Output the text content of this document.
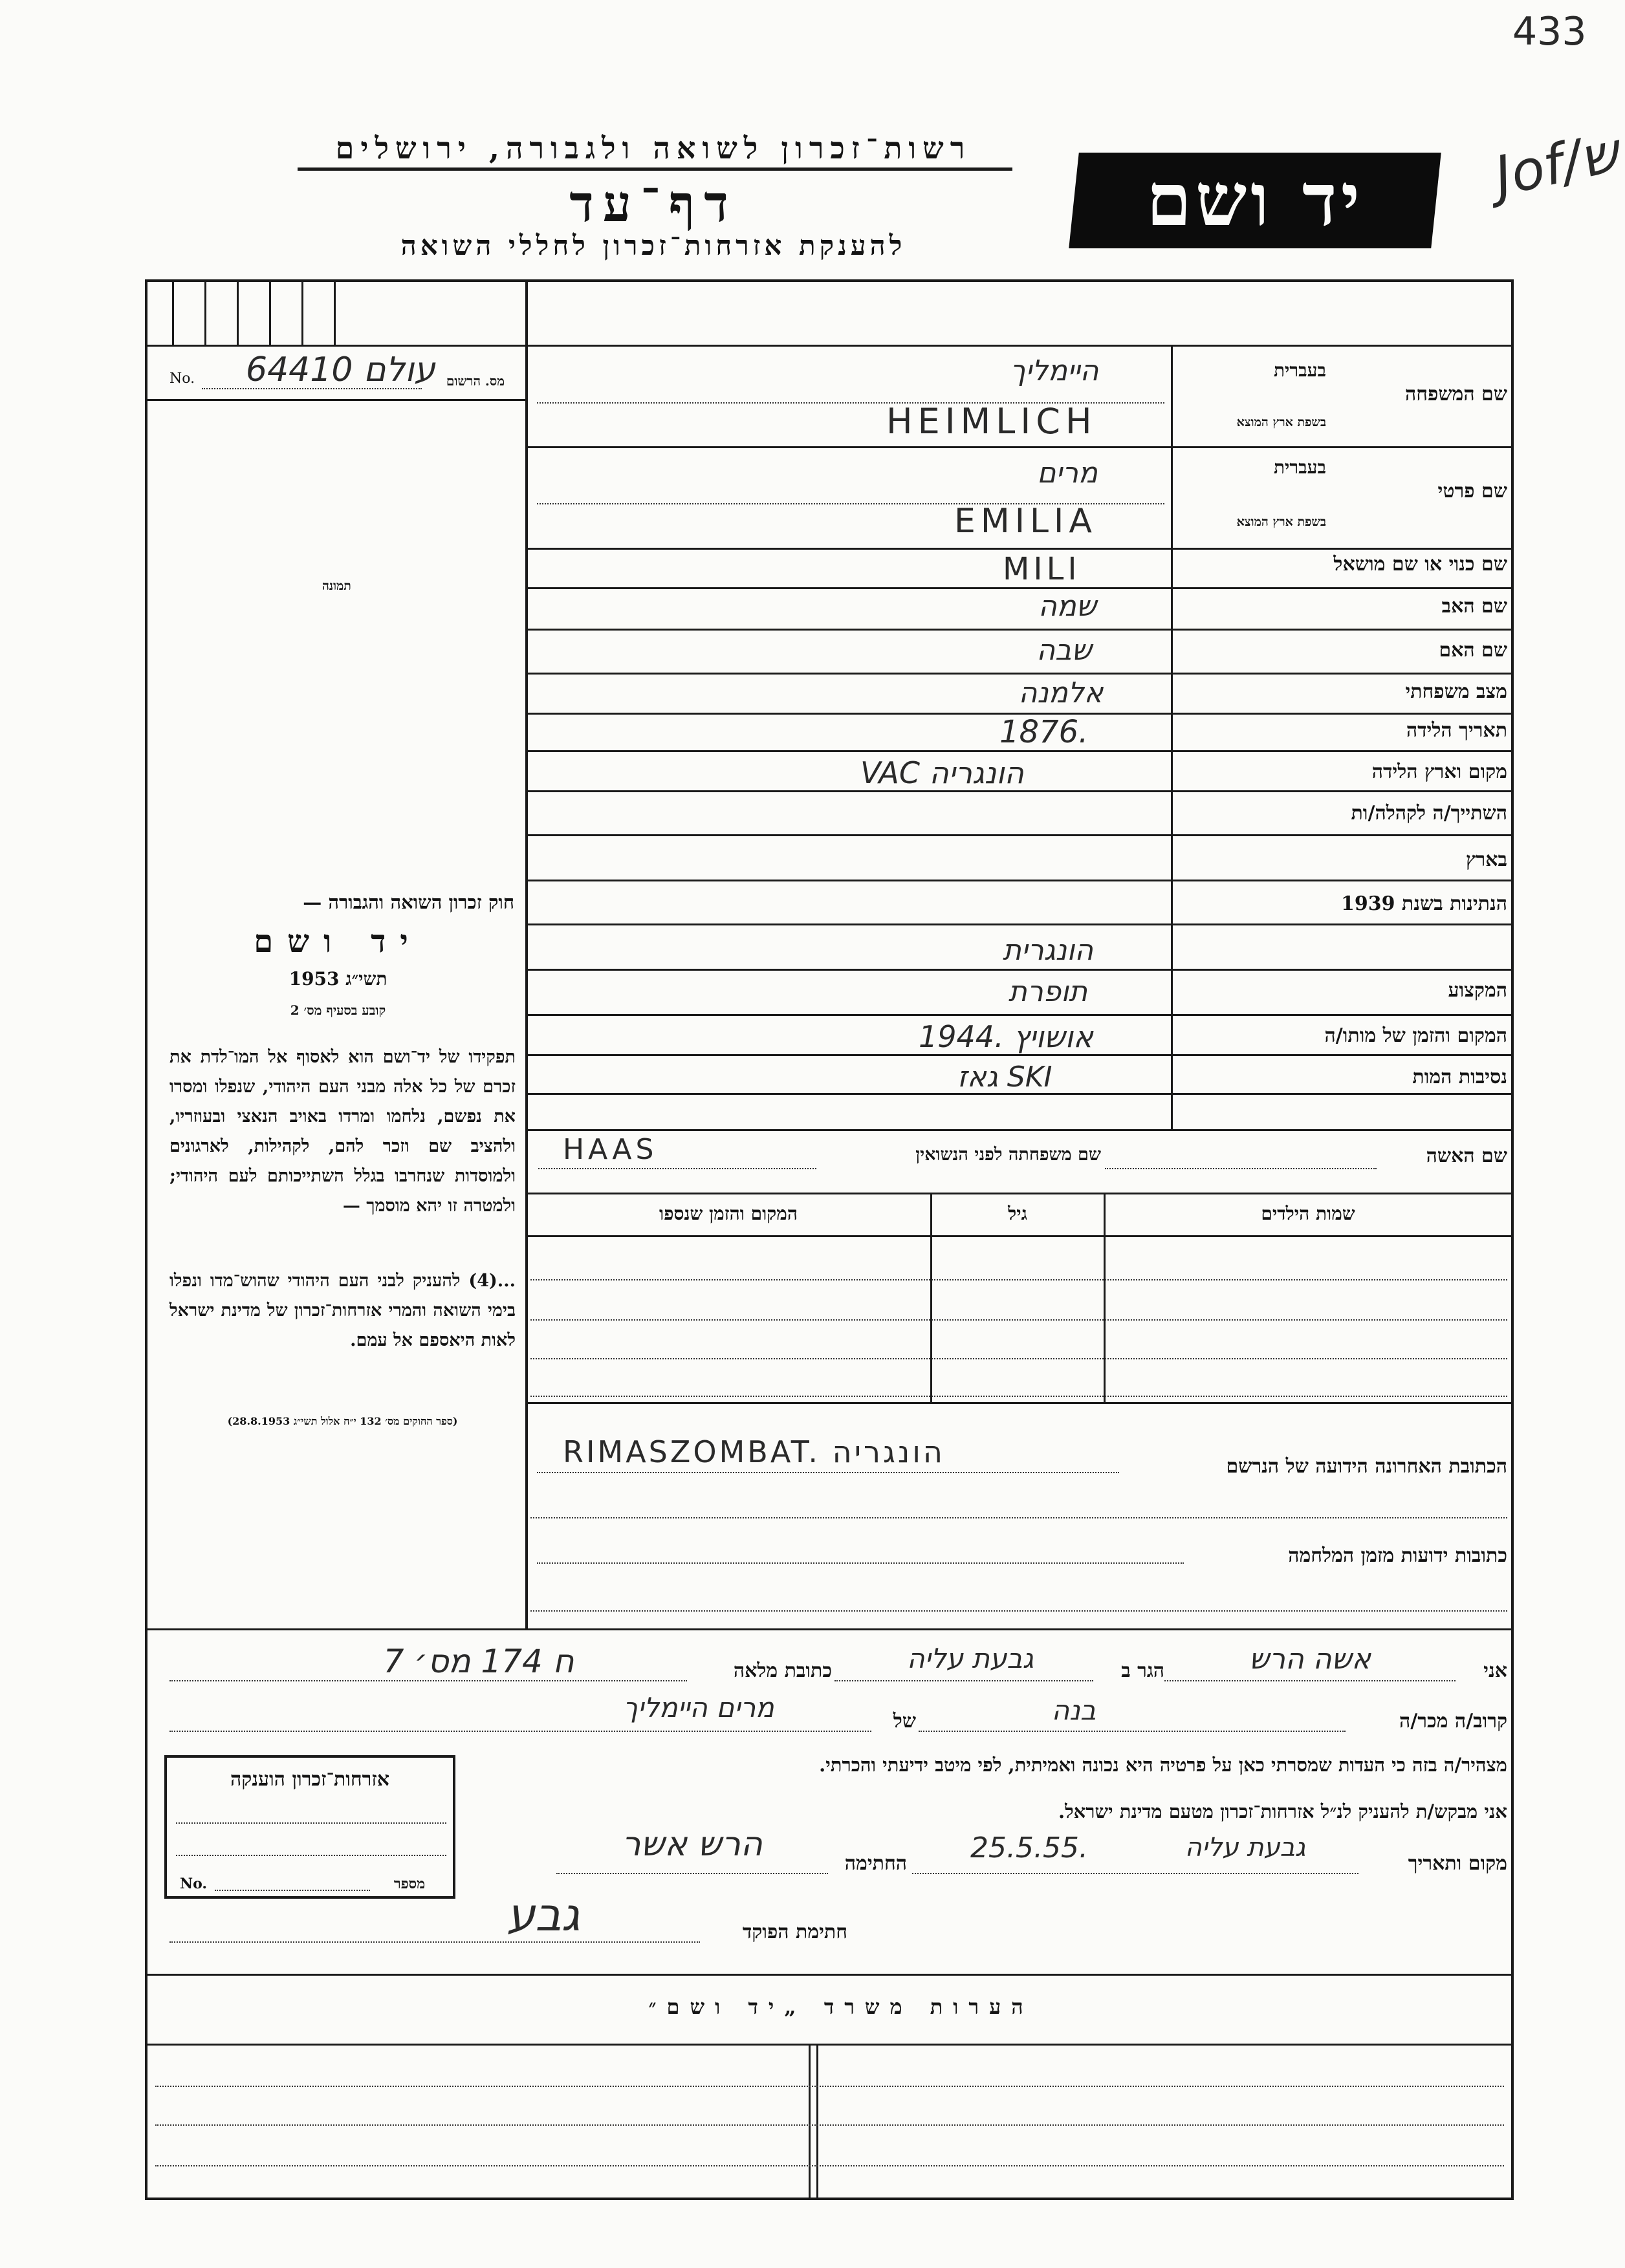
433
Jof/ש
רשות־זכרון לשואה ולגבורה, ירושלים
דף־עד
להענקת אזרחות־זכרון לחללי השואה
יד ושם
No. 64410 עולם מס. הרשום
תמונה
חוק זכרון השואה והגבורה —
יד ושם
תשי״ג 1953
קובע בסעיף מס׳ 2
תפקידו של יד־ושם הוא לאסוף אל המו־לדת את זכרם של כל אלה מבני העם היהודי, שנפלו ומסרו את נפשם, נלחמו ומרדו באויב הנאצי ובעוזריו, ולהציב שם וזכר להם, לקהילות, לארגונים ולמוסדות שנחרבו בגלל השתייכותם לעם היהודי; ולמטרה זו יהא מוסמך —
...(4) להעניק לבני העם היהודי שהוש־מדו ונפלו בימי השואה והמרי אזרחות־זכרון של מדינת ישראל לאות היאספם אל עמם.
(ספר החוקים מס׳ 132 י״ח אלול תשי״ג 28.8.1953)
שם המשפחה
בעברית
בשפת ארץ המוצא
היימליך
HEIMLICH
שם פרטי
בעברית
בשפת ארץ המוצא
מרים
EMILIA
שם כנוי או שם מושאל
MILI
שם האב
שמה
שם האם
שבה
מצב משפחתי
אלמנה
תאריך הלידה
1876.
מקום וארץ הלידה
VAC הונגריה
השתייך/ה לקהלה/ות
בארץ
הנתינות בשנת 1939
הונגרית
המקצוע
תופרת
המקום והזמן של מותו/ה
1944. אושויץ
נסיבות המות
גאז SKI
שם האשה
שם משפחתה לפני הנשואין
HAAS
שמות הילדים
גיל
המקום והזמן שנספו
RIMASZOMBAT. הונגריה	הכתובת האחרונה הידועה של הנרשם
כתובות ידועות מזמן המלחמה
אני
אשה הרש
הגר ב
גבעת עליה
כתובת מלאה
ח 174 מס׳ 7
קרוב/ה מכר/ה
בנה
של
מרים היימליך
מצהיר/ה בזה כי העדות שמסרתי כאן על פרטיה היא נכונה ואמיתית, לפי מיטב ידיעתי והכרתי.
אני מבקש/ת להעניק לנ״ל אזרחות־זכרון מטעם מדינת ישראל.
מקום ותאריך
גבעת עליה
25.5.55.
החתימה
הרש אשר
חתימת הפוקד
גבע
אזרחות־זכרון הוענקה
No.	מספר
הערות משרד „יד ושם״
